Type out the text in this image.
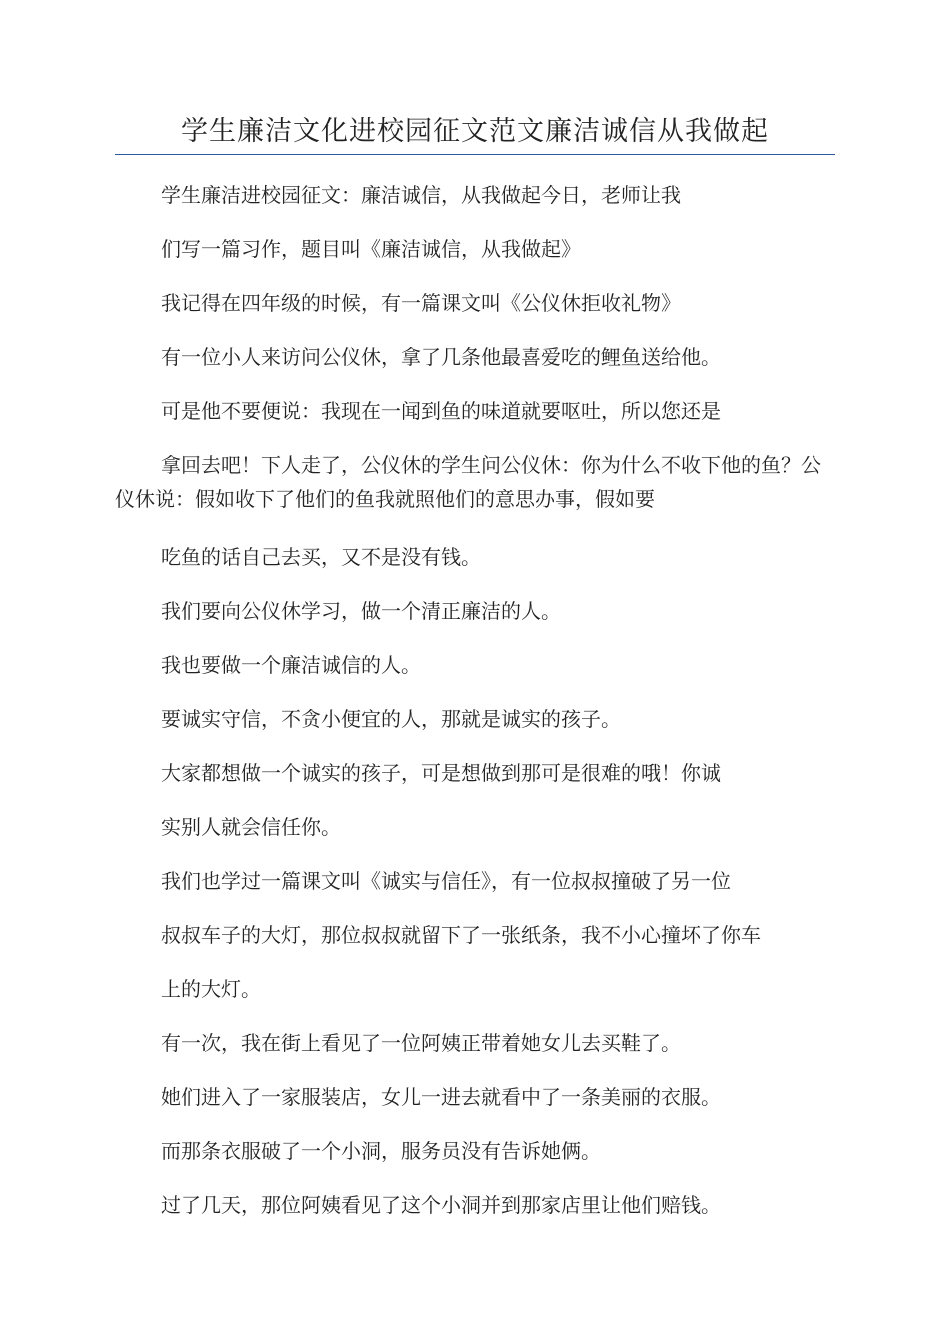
学生廉洁文化进校园征文范文廉洁诚信从我做起

学生廉洁进校园征文：廉洁诚信，从我做起今日，老师让我

们写一篇习作，题目叫《廉洁诚信，从我做起》

我记得在四年级的时候，有一篇课文叫《公仪休拒收礼物》

有一位小人来访问公仪休，拿了几条他最喜爱吃的鲤鱼送给他。

可是他不要便说：我现在一闻到鱼的味道就要呕吐，所以您还是

拿回去吧！下人走了，公仪休的学生问公仪休：你为什么不收下他的鱼？公仪休说：假如收下了他们的鱼我就照他们的意思办事，假如要

吃鱼的话自己去买，又不是没有钱。

我们要向公仪休学习，做一个清正廉洁的人。

我也要做一个廉洁诚信的人。

要诚实守信，不贪小便宜的人，那就是诚实的孩子。

大家都想做一个诚实的孩子，可是想做到那可是很难的哦！你诚

实别人就会信任你。

我们也学过一篇课文叫《诚实与信任》，有一位叔叔撞破了另一位

叔叔车子的大灯，那位叔叔就留下了一张纸条，我不小心撞坏了你车

上的大灯。

有一次，我在街上看见了一位阿姨正带着她女儿去买鞋了。

她们进入了一家服装店，女儿一进去就看中了一条美丽的衣服。

而那条衣服破了一个小洞，服务员没有告诉她俩。

过了几天，那位阿姨看见了这个小洞并到那家店里让他们赔钱。
